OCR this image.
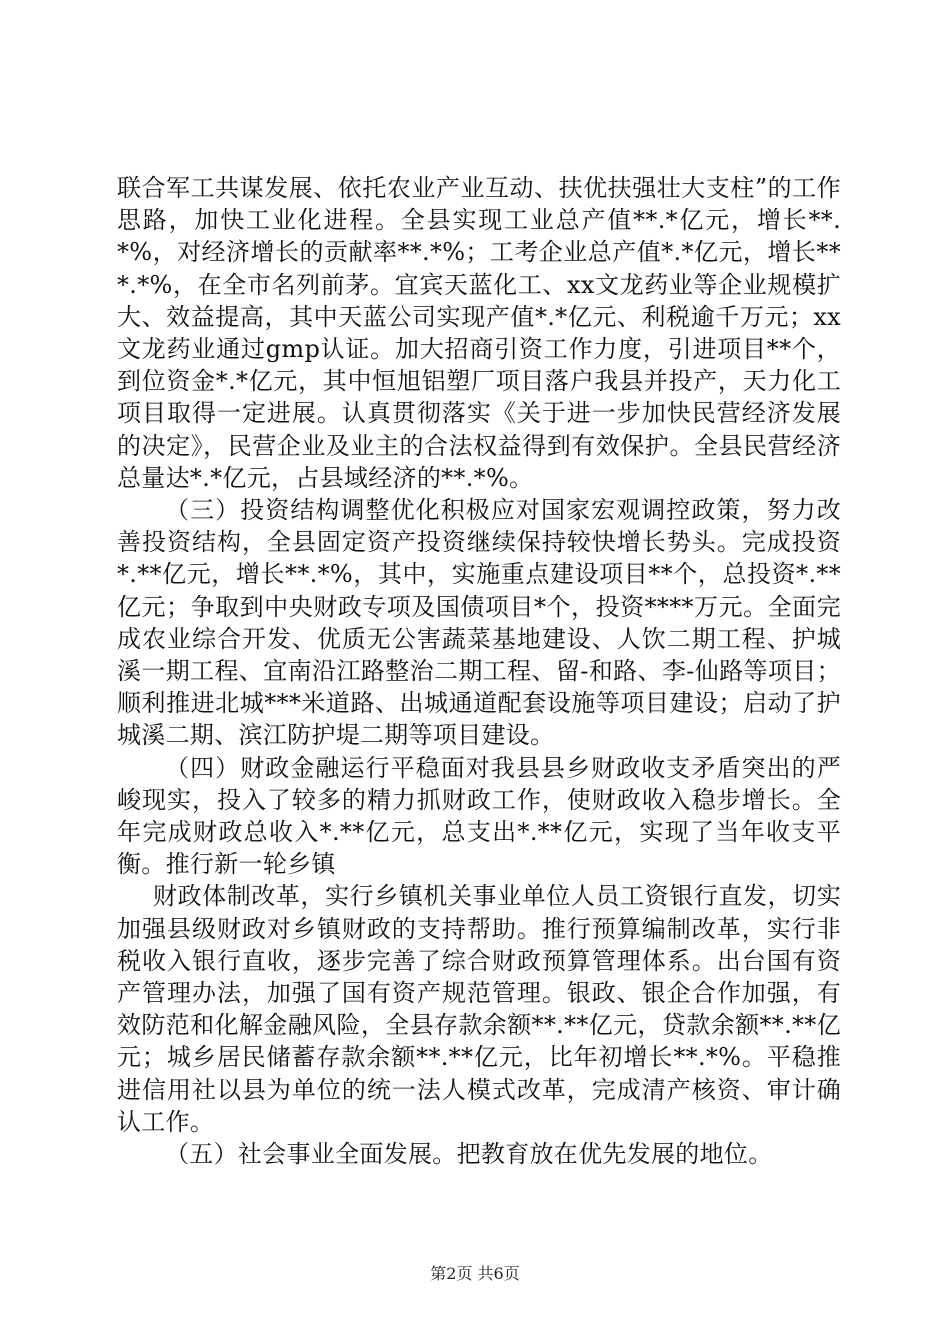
联合军工共谋发展、依托农业产业互动、扶优扶强壮大支柱”的工作思路，加快工业化进程。全县实现工业总产值**.*亿元，增长**.*%，对经济增长的贡献率**.*%；工考企业总产值*.*亿元，增长***.*%，在全市名列前茅。宜宾天蓝化工、xx文龙药业等企业规模扩大、效益提高，其中天蓝公司实现产值*.*亿元、利税逾千万元；xx文龙药业通过gmp认证。加大招商引资工作力度，引进项目**个，到位资金*.*亿元，其中恒旭铝塑厂项目落户我县并投产，天力化工项目取得一定进展。认真贯彻落实《关于进一步加快民营经济发展的决定》，民营企业及业主的合法权益得到有效保护。全县民营经济总量达*.*亿元，占县域经济的**.*%。

（三）投资结构调整优化积极应对国家宏观调控政策，努力改善投资结构，全县固定资产投资继续保持较快增长势头。完成投资*.**亿元，增长**.*%，其中，实施重点建设项目**个，总投资*.**亿元；争取到中央财政专项及国债项目*个，投资****万元。全面完成农业综合开发、优质无公害蔬菜基地建设、人饮二期工程、护城溪一期工程、宜南沿江路整治二期工程、留-和路、李-仙路等项目；顺利推进北城***米道路、出城通道配套设施等项目建设；启动了护城溪二期、滨江防护堤二期等项目建设。

（四）财政金融运行平稳面对我县县乡财政收支矛盾突出的严峻现实，投入了较多的精力抓财政工作，使财政收入稳步增长。全年完成财政总收入*.**亿元，总支出*.**亿元，实现了当年收支平衡。推行新一轮乡镇

财政体制改革，实行乡镇机关事业单位人员工资银行直发，切实加强县级财政对乡镇财政的支持帮助。推行预算编制改革，实行非税收入银行直收，逐步完善了综合财政预算管理体系。出台国有资产管理办法，加强了国有资产规范管理。银政、银企合作加强，有效防范和化解金融风险，全县存款余额**.**亿元，贷款余额**.**亿元；城乡居民储蓄存款余额**.**亿元，比年初增长**.*%。平稳推进信用社以县为单位的统一法人模式改革，完成清产核资、审计确认工作。

（五）社会事业全面发展。把教育放在优先发展的地位。

第2页 共6页
